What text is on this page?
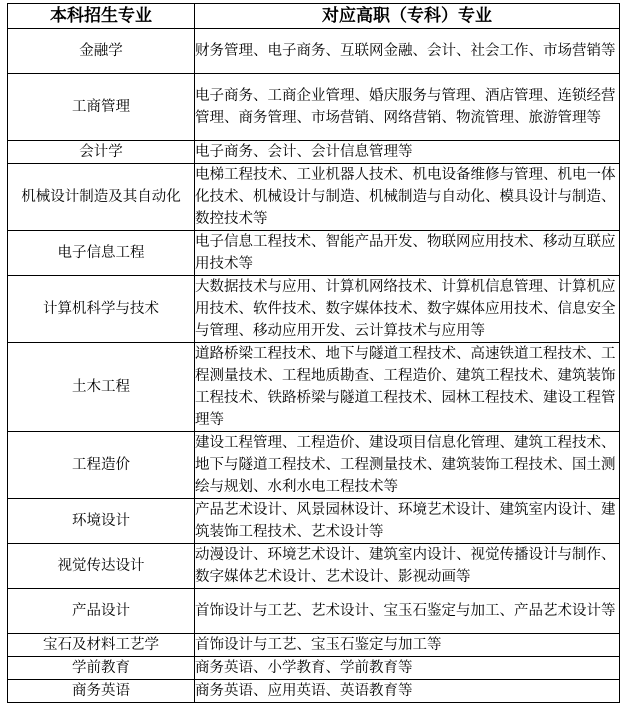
本科招生专业	对应高职（专科）专业
金融学	财务管理、电子商务、互联网金融、会计、社会工作、市场营销等
工商管理	电子商务、工商企业管理、婚庆服务与管理、酒店管理、连锁经营管理、商务管理、市场营销、网络营销、物流管理、旅游管理等
会计学	电子商务、会计、会计信息管理等
机械设计制造及其自动化	电梯工程技术、工业机器人技术、机电设备维修与管理、机电一体化技术、机械设计与制造、机械制造与自动化、模具设计与制造、数控技术等
电子信息工程	电子信息工程技术、智能产品开发、物联网应用技术、移动互联应用技术等
计算机科学与技术	大数据技术与应用、计算机网络技术、计算机信息管理、计算机应用技术、软件技术、数字媒体技术、数字媒体应用技术、信息安全与管理、移动应用开发、云计算技术与应用等
土木工程	道路桥梁工程技术、地下与隧道工程技术、高速铁道工程技术、工程测量技术、工程地质勘查、工程造价、建筑工程技术、建筑装饰工程技术、铁路桥梁与隧道工程技术、园林工程技术、建设工程管理等
工程造价	建设工程管理、工程造价、建设项目信息化管理、建筑工程技术、地下与隧道工程技术、工程测量技术、建筑装饰工程技术、国土测绘与规划、水利水电工程技术等
环境设计	产品艺术设计、风景园林设计、环境艺术设计、建筑室内设计、建筑装饰工程技术、艺术设计等
视觉传达设计	动漫设计、环境艺术设计、建筑室内设计、视觉传播设计与制作、数字媒体艺术设计、艺术设计、影视动画等
产品设计	首饰设计与工艺、艺术设计、宝玉石鉴定与加工、产品艺术设计等
宝石及材料工艺学	首饰设计与工艺、宝玉石鉴定与加工等
学前教育	商务英语、小学教育、学前教育等
商务英语	商务英语、应用英语、英语教育等
